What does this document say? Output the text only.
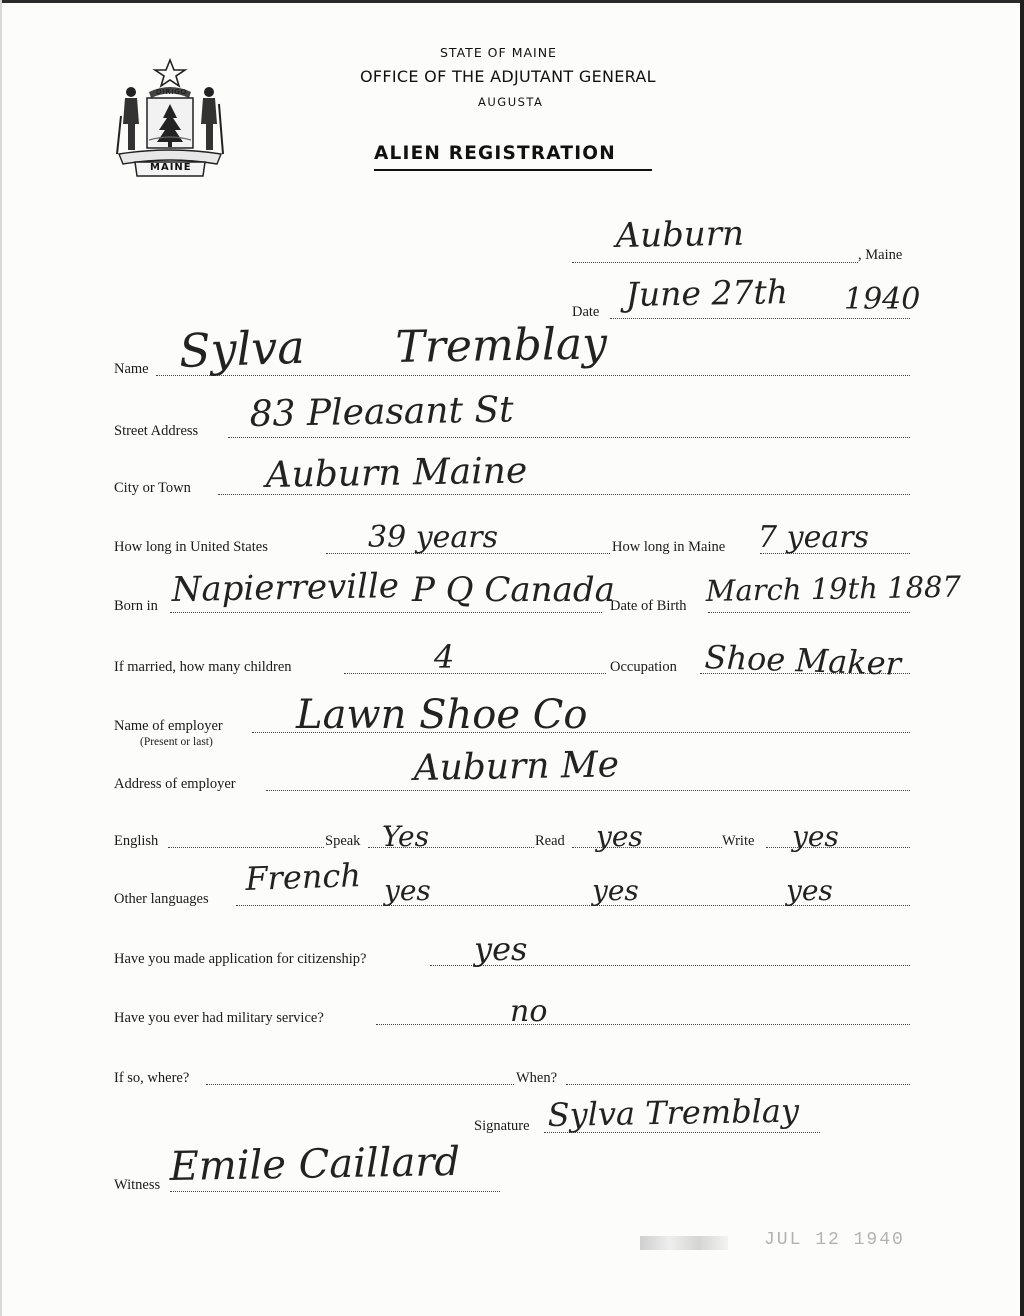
DIRIGO
MAINE
STATE OF MAINE
OFFICE OF THE ADJUTANT GENERAL
AUGUSTA
ALIEN REGISTRATION
, Maine
Auburn
Date June 27th 1940
Name Sylva Tremblay
Street Address 83 Pleasant St
City or Town Auburn Maine
How long in United States	39 years	How long in Maine 7 years
Born in Napierreville P Q Canada
Date of Birth March 19th 1887
If married, how many children	4	Occupation Shoe Maker
Name of employer
(Present or last)
Lawn Shoe Co
Address of employer	Auburn Me
English	Speak Yes	Read yes	Write yes
Other languages
French yes	yes	yes
Have you made application for citizenship?	yes
Have you ever had military service?	no
If so, where?	When?
Signature Sylva Tremblay
Witness Emile Caillard
JUL 12 1940
